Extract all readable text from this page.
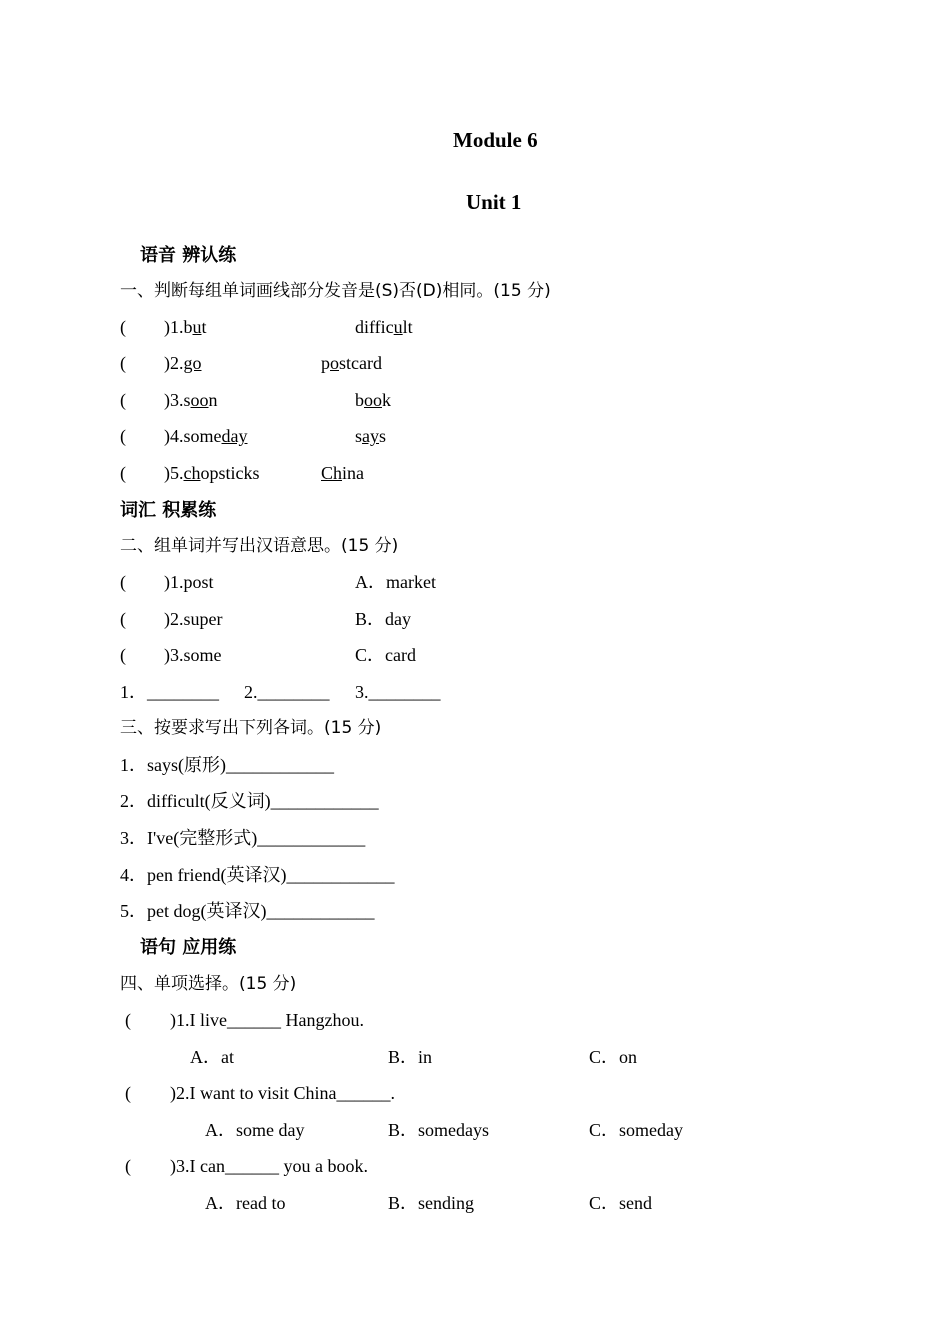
Module 6
Unit 1
语音 辨认练
一、判断每组单词画线部分发音是(S)否(D)相同。(15 分)
( )1.but	difficult
( )2.go	postcard
( )3.soon	book
( )4.someday	says
( )5.chopsticks	China
词汇 积累练
二、组单词并写出汉语意思。(15 分)
( )1.post	A．market
( )2.super	B．day
( )3.some	C．card
1．________ 2.________ 3.________
三、按要求写出下列各词。(15 分)
1．says(原形)____________
2．difficult(反义词)____________
3．I've(完整形式)____________
4．pen friend(英译汉)____________
5．pet dog(英译汉)____________
语句 应用练
四、单项选择。(15 分)
( )1.I live______ Hangzhou.
A．at	B．in	C．on
( )2.I want to visit China______.
A．some day	B．somedays	C．someday
( )3.I can______ you a book.
A．read to	B．sending	C．send
